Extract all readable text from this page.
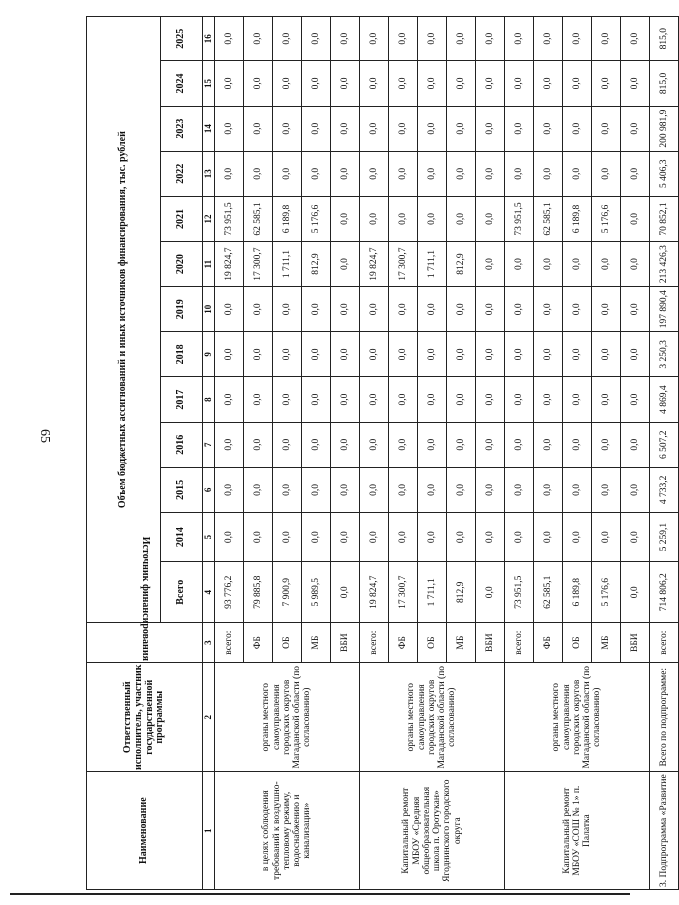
65
Наименование	Ответственный исполнитель, участник государственной программы	Источник финансирования	Объем бюджетных ассигнований и иных источников финансирования, тыс. рублей												
			Всего	2014	2015	2016	2017	2018	2019	2020	2021	2022	2023	2024	2025
1	2	3	4	5	6	7	8	9	10	11	12	13	14	15	16
в целях соблюдения требований к воздушно-тепловому режиму, водоснабжению и канализации»	органы местного самоуправления городских округов Магаданской области (по согласованию)	всего:	93 776,2	0,0	0,0	0,0	0,0	0,0	0,0	19 824,7	73 951,5	0,0	0,0	0,0	0,0
		ФБ	79 885,8	0,0	0,0	0,0	0,0	0,0	0,0	17 300,7	62 585,1	0,0	0,0	0,0	0,0
		ОБ	7 900,9	0,0	0,0	0,0	0,0	0,0	0,0	1 711,1	6 189,8	0,0	0,0	0,0	0,0
		МБ	5 989,5	0,0	0,0	0,0	0,0	0,0	0,0	812,9	5 176,6	0,0	0,0	0,0	0,0
		ВБИ	0,0	0,0	0,0	0,0	0,0	0,0	0,0	0,0	0,0	0,0	0,0	0,0	0,0
Капитальный ремонт МБОУ «Средняя общеобразовательная школа п. Оротукан» Ягоднинского городского округа	органы местного самоуправления городских округов Магаданской области (по согласованию)	всего:	19 824,7	0,0	0,0	0,0	0,0	0,0	0,0	19 824,7	0,0	0,0	0,0	0,0	0,0
		ФБ	17 300,7	0,0	0,0	0,0	0,0	0,0	0,0	17 300,7	0,0	0,0	0,0	0,0	0,0
		ОБ	1 711,1	0,0	0,0	0,0	0,0	0,0	0,0	1 711,1	0,0	0,0	0,0	0,0	0,0
		МБ	812,9	0,0	0,0	0,0	0,0	0,0	0,0	812,9	0,0	0,0	0,0	0,0	0,0
		ВБИ	0,0	0,0	0,0	0,0	0,0	0,0	0,0	0,0	0,0	0,0	0,0	0,0	0,0
Капитальный ремонт МБОУ «СОШ № 1» п. Палатка	органы местного самоуправления городских округов Магаданской области (по согласованию)	всего:	73 951,5	0,0	0,0	0,0	0,0	0,0	0,0	0,0	73 951,5	0,0	0,0	0,0	0,0
		ФБ	62 585,1	0,0	0,0	0,0	0,0	0,0	0,0	0,0	62 585,1	0,0	0,0	0,0	0,0
		ОБ	6 189,8	0,0	0,0	0,0	0,0	0,0	0,0	0,0	6 189,8	0,0	0,0	0,0	0,0
		МБ	5 176,6	0,0	0,0	0,0	0,0	0,0	0,0	0,0	5 176,6	0,0	0,0	0,0	0,0
		ВБИ	0,0	0,0	0,0	0,0	0,0	0,0	0,0	0,0	0,0	0,0	0,0	0,0	0,0
3. Подпрограмма «Развитие	Всего по подпрограмме:	всего:	714 806,2	5 259,1	4 733,2	6 507,2	4 869,4	3 250,3	197 890,4	213 426,3	70 852,1	5 406,3	200 981,9	815,0	815,0
